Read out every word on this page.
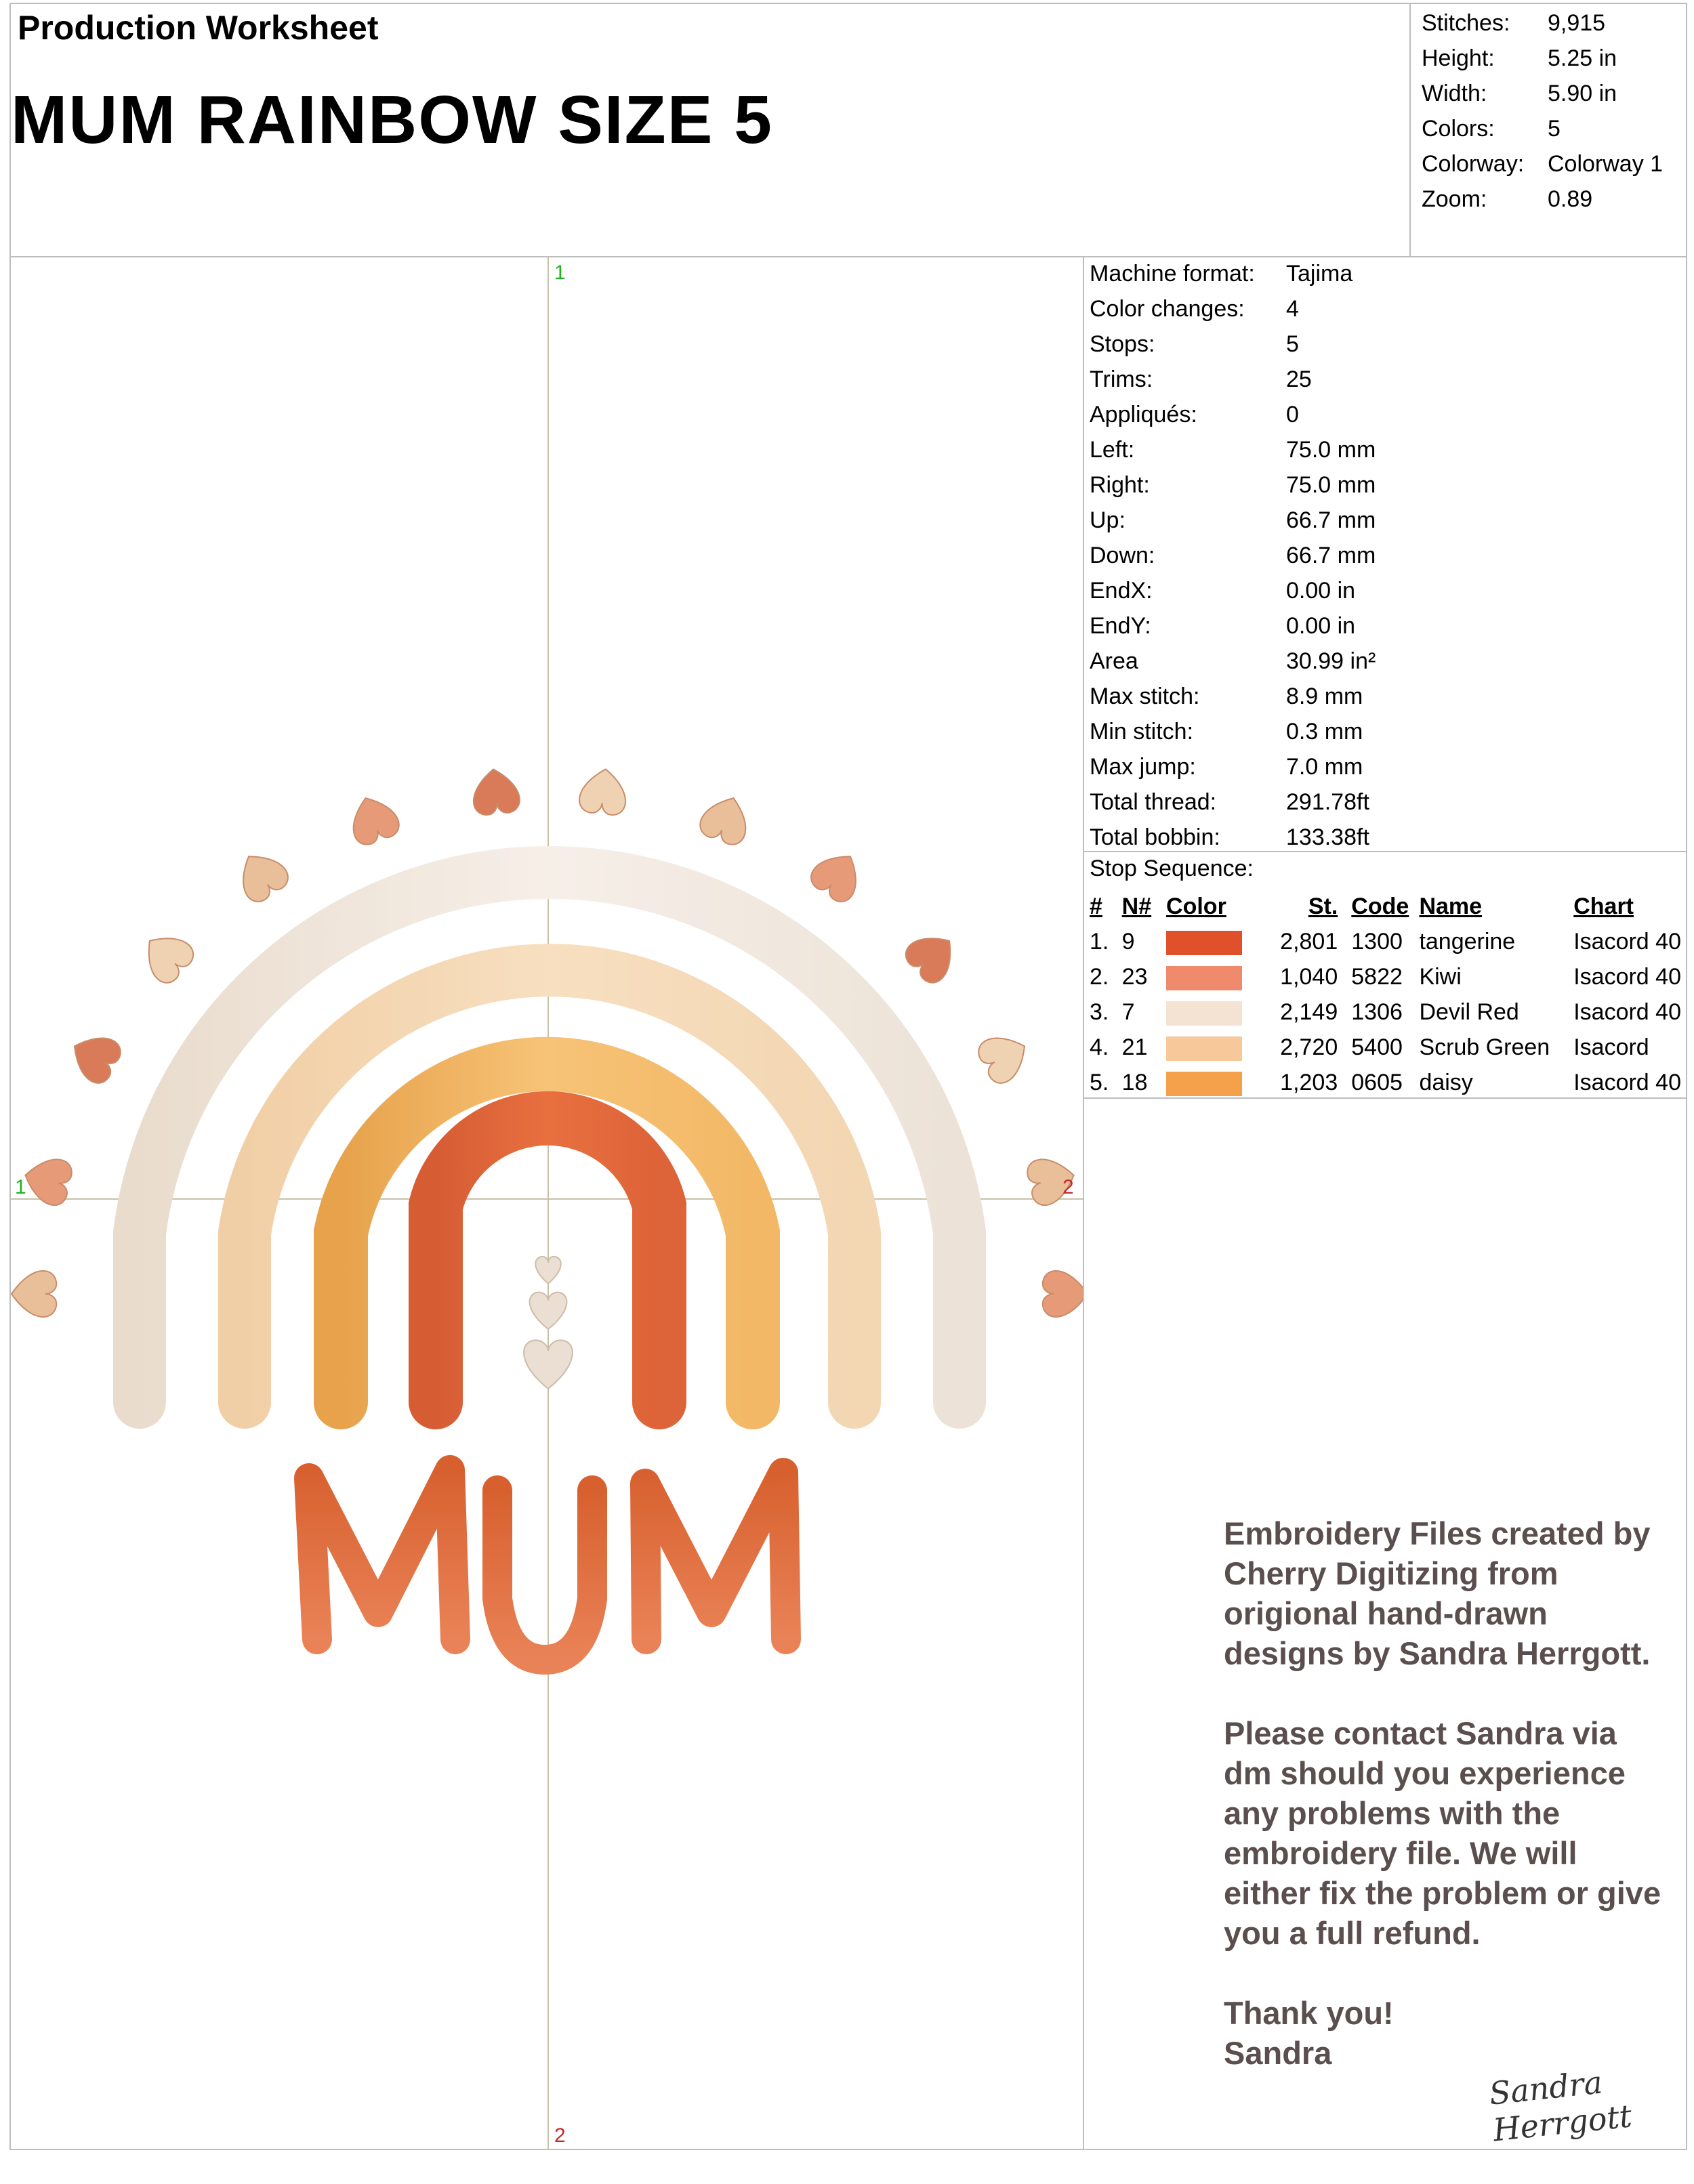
Production Worksheet
MUM RAINBOW SIZE 5
Stitches: 9,915
Height: 5.25 in
Width:	5.90 in
Colors: 5
Colorway: Colorway 1
Zoom:	0.89
Machine format: Tajima
Color changes: 4
Stops:	5
Trims:	25
Appliqués:	0
Left:	75.0 mm
Right:	75.0 mm
Up:	66.7 mm
Down:	66.7 mm
EndX:	0.00 in
EndY:	0.00 in
Area	30.99 in²
Max stitch:	8.9 mm
Min stitch:	0.3 mm
Max jump:	7.0 mm
Total thread:	291.78ft
Total bobbin:	133.38ft
Stop Sequence:
#	N#	Color	St.	Code	Name	Chart
1.	9		2,801	1300	tangerine	Isacord 40
2.	23		1,040	5822	Kiwi	Isacord 40
3.	7		2,149	1306	Devil Red	Isacord 40
4.	21		2,720	5400	Scrub Green	Isacord
5.	18		1,203	0605	daisy	Isacord 40
1
1	2
2

Embroidery Files created by Cherry Digitizing from origional hand-drawn designs by Sandra Herrgott.

Please contact Sandra via dm should you experience any problems with the embroidery file. We will either fix the problem or give you a full refund.

Thank you!
Sandra
Sandra Herrgott
